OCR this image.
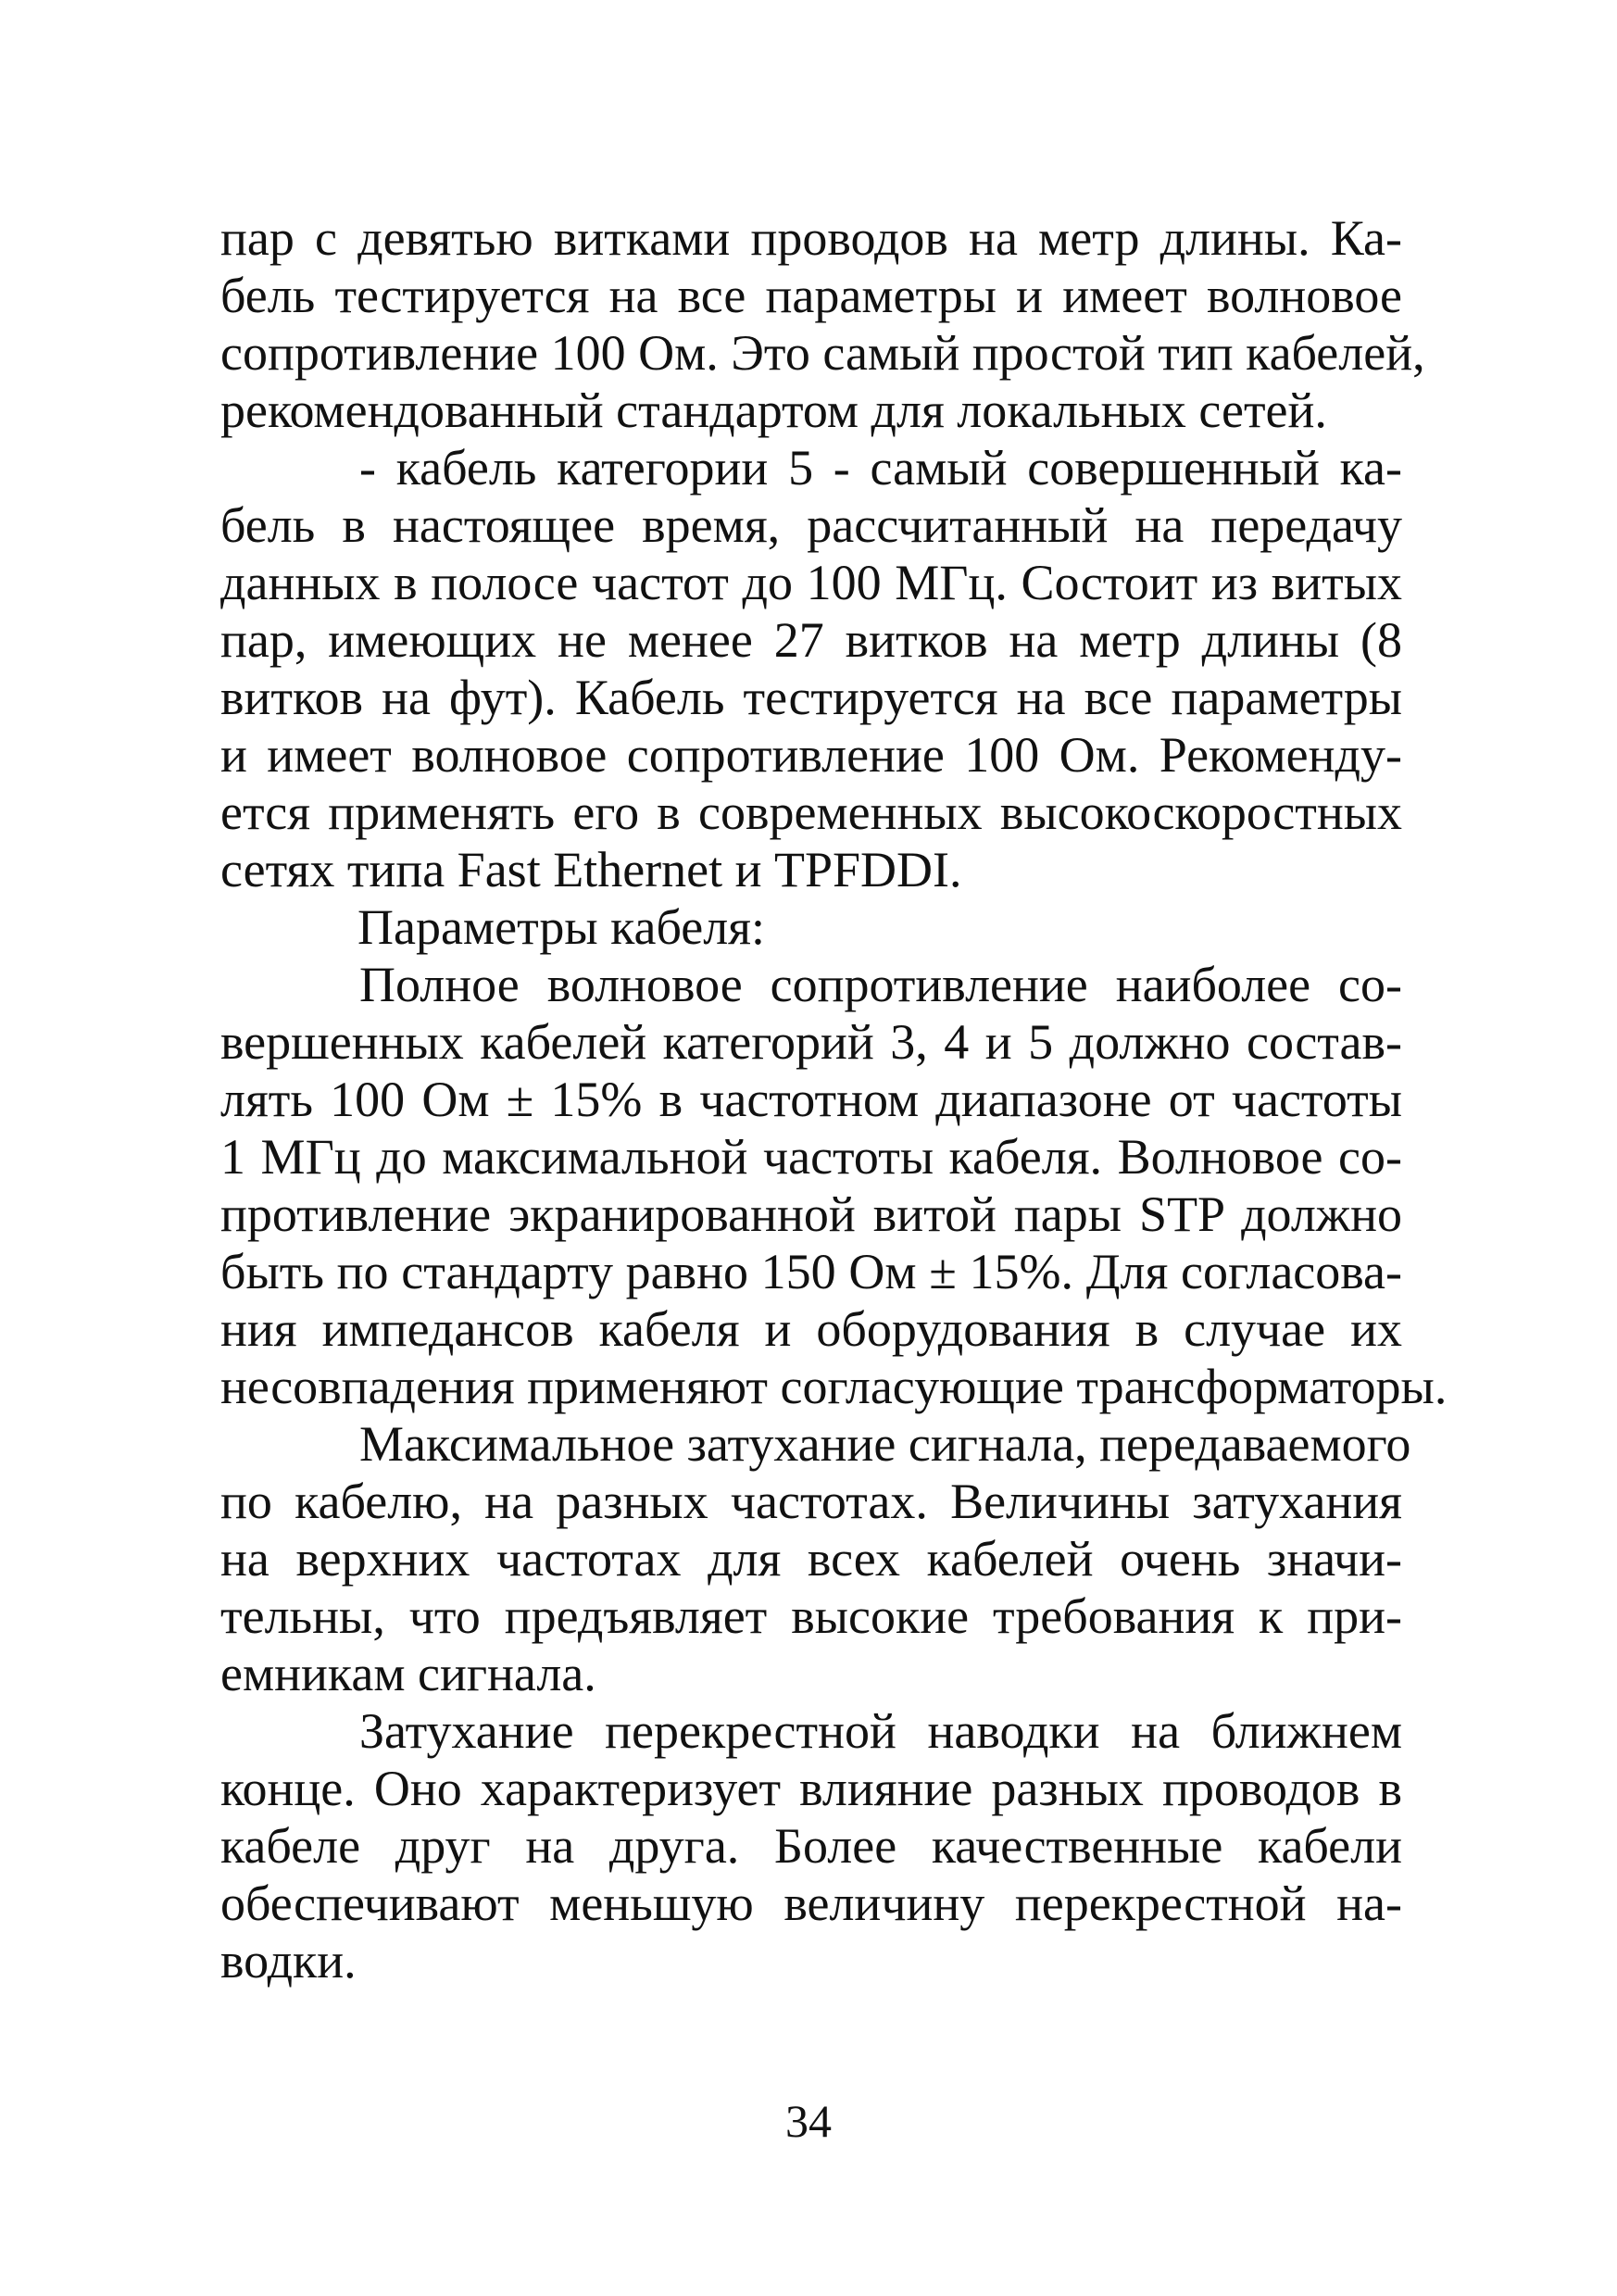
пар с девятью витками проводов на метр длины. Ка-
бель тестируется на все параметры и имеет волновое
сопротивление 100 Ом. Это самый простой тип кабелей,
рекомендованный стандартом для локальных сетей.
- кабель категории 5 - самый совершенный ка-
бель в настоящее время, рассчитанный на передачу
данных в полосе частот до 100 МГц. Состоит из витых
пар, имеющих не менее 27 витков на метр длины (8
витков на фут). Кабель тестируется на все параметры
и имеет волновое сопротивление 100 Ом. Рекоменду-
ется применять его в современных высокоскоростных
сетях типа Fast Ethernet и TPFDDI.
Параметры кабеля:
Полное волновое сопротивление наиболее со-
вершенных кабелей категорий 3, 4 и 5 должно состав-
лять 100 Ом ± 15% в частотном диапазоне от частоты
1 МГц до максимальной частоты кабеля. Волновое со-
противление экранированной витой пары STP должно
быть по стандарту равно 150 Ом ± 15%. Для согласова-
ния импедансов кабеля и оборудования в случае их
несовпадения применяют согласующие трансформаторы.
Максимальное затухание сигнала, передаваемого
по кабелю, на разных частотах. Величины затухания
на верхних частотах для всех кабелей очень значи-
тельны, что предъявляет высокие требования к при-
емникам сигнала.
Затухание перекрестной наводки на ближнем
конце. Оно характеризует влияние разных проводов в
кабеле друг на друга. Более качественные кабели
обеспечивают меньшую величину перекрестной на-
водки.
34
